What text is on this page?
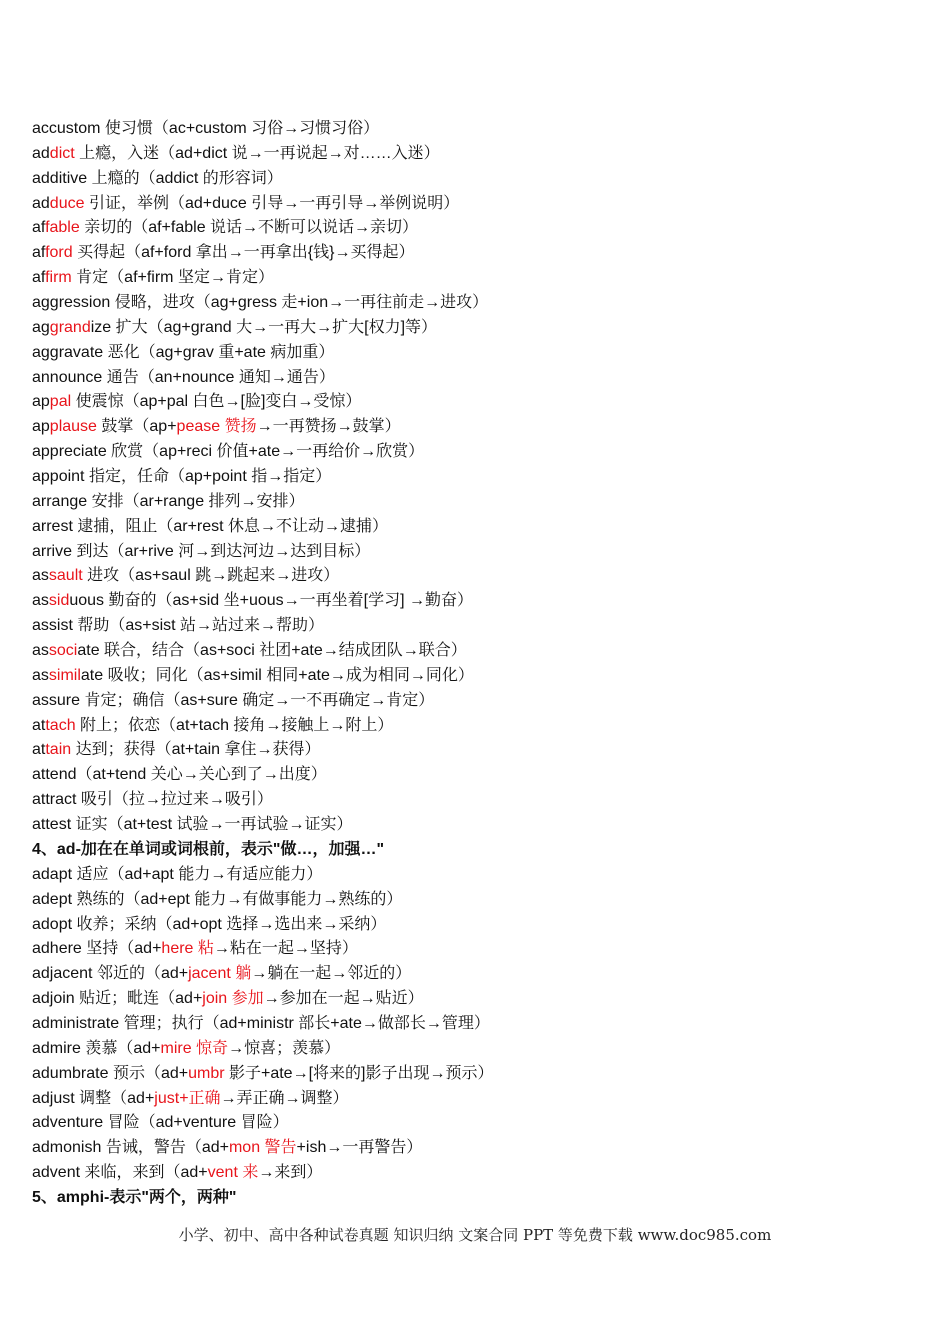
accustom 使习惯（ac+custom 习俗→习惯习俗）
addict 上瘾，入迷（ad+dict 说→一再说起→对……入迷）
additive 上瘾的（addict 的形容词）
adduce 引证，举例（ad+duce 引导→一再引导→举例说明）
affable 亲切的（af+fable 说话→不断可以说话→亲切）
afford 买得起（af+ford 拿出→一再拿出{钱}→买得起）
affirm 肯定（af+firm 坚定→肯定）
aggression 侵略，进攻（ag+gress 走+ion→一再往前走→进攻）
aggrandize 扩大（ag+grand 大→一再大→扩大[权力]等）
aggravate 恶化（ag+grav 重+ate 病加重）
announce 通告（an+nounce 通知→通告）
appal 使震惊（ap+pal 白色→[脸]变白→受惊）
applause 鼓掌（ap+pease 赞扬→一再赞扬→鼓掌）
appreciate 欣赏（ap+reci 价值+ate→一再给价→欣赏）
appoint 指定，任命（ap+point 指→指定）
arrange 安排（ar+range 排列→安排）
arrest 逮捕，阻止（ar+rest 休息→不让动→逮捕）
arrive 到达（ar+rive 河→到达河边→达到目标）
assault 进攻（as+saul 跳→跳起来→进攻）
assiduous 勤奋的（as+sid 坐+uous→一再坐着[学习] →勤奋）
assist 帮助（as+sist 站→站过来→帮助）
associate 联合，结合（as+soci 社团+ate→结成团队→联合）
assimilate 吸收；同化（as+simil 相同+ate→成为相同→同化）
assure 肯定；确信（as+sure 确定→一不再确定→肯定）
attach 附上；依恋（at+tach 接角→接触上→附上）
attain 达到；获得（at+tain 拿住→获得）
attend（at+tend 关心→关心到了→出度）
attract 吸引（拉→拉过来→吸引）
attest 证实（at+test 试验→一再试验→证实）
4、ad-加在在单词或词根前，表示"做…，加强…"
adapt 适应（ad+apt 能力→有适应能力）
adept 熟练的（ad+ept 能力→有做事能力→熟练的）
adopt 收养；采纳（ad+opt 选择→选出来→采纳）
adhere 坚持（ad+here 粘→粘在一起→坚持）
adjacent 邻近的（ad+jacent 躺→躺在一起→邻近的）
adjoin 贴近；毗连（ad+join 参加→参加在一起→贴近）
administrate 管理；执行（ad+ministr 部长+ate→做部长→管理）
admire 羡慕（ad+mire 惊奇→惊喜；羡慕）
adumbrate 预示（ad+umbr 影子+ate→[将来的]影子出现→预示）
adjust 调整（ad+just+正确→弄正确→调整）
adventure 冒险（ad+venture 冒险）
admonish 告诫，警告（ad+mon 警告+ish→一再警告）
advent 来临，来到（ad+vent 来→来到）
5、amphi-表示"两个，两种"
小学、初中、高中各种试卷真题 知识归纳 文案合同 PPT 等免费下载 www.doc985.com
